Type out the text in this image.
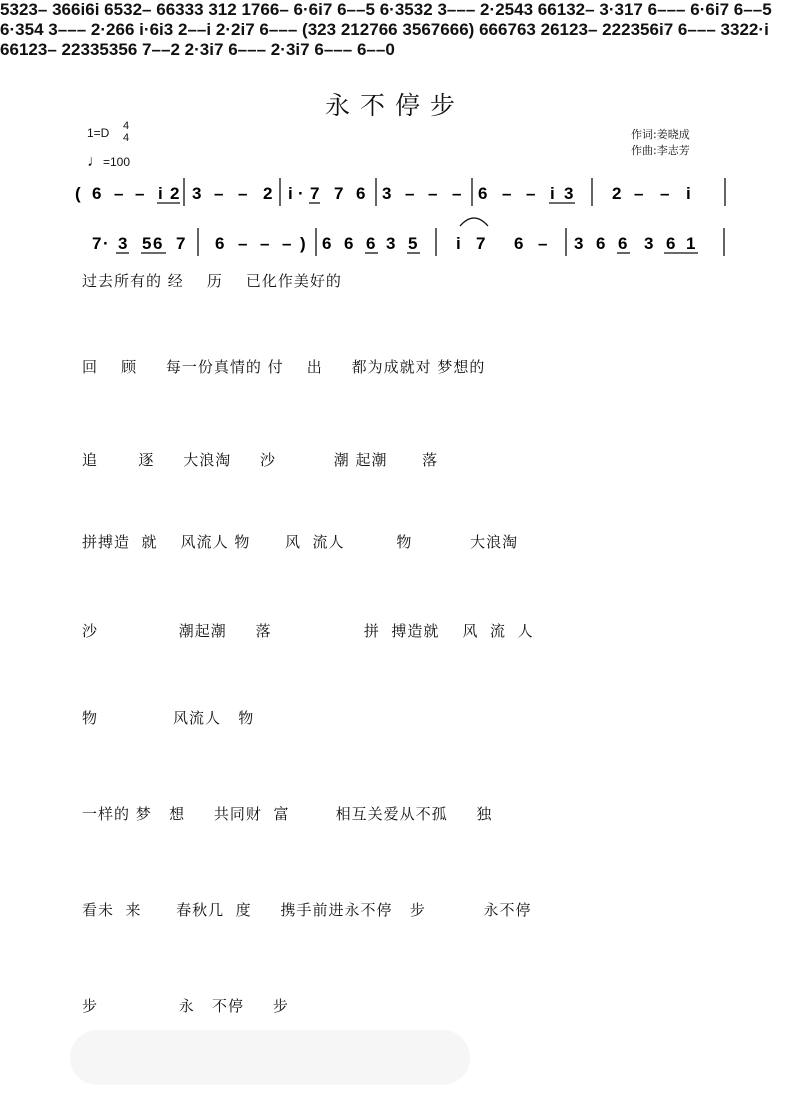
永不停步
1=D 4
4
♩=100
作词:姜晓成
作曲:李志芳
( 6 – – i 2 3 – – 2 i · 7 7 6 3 – – – 6 – – i 3 2 – – i
7· 3 56 7 6 – – – ) 6 6 6 3 5 i 7 6 – 3 6 6 3 6 1
5323– 366i6i 6532– 66333 312 1766– 6·6i7 6––5 6·3532 3––– 2·2543 66132– 3·317 6––– 6·6i7 6––5 6·354 3––– 2·266 i·6i3 2––i 2·2i7 6––– (323 212766 3567666) 666763 26123– 222356i7 6––– 3322·i 66123– 22335356 7––2 2·3i7 6––– 2·3i7 6––– 6––0
过去所有的 经    历    已化作美好的
回    顾     每一份真情的 付    出     都为成就对 梦想的
追       逐     大浪淘     沙          潮 起潮      落
拼搏造  就    风流人 物      风  流人         物          大浪淘
沙              潮起潮     落                拼  搏造就    风  流  人
物             风流人   物
一样的 梦   想     共同财  富        相互关爱从不孤     独
看未  来      春秋几  度     携手前进永不停   步          永不停
步              永   不停     步
